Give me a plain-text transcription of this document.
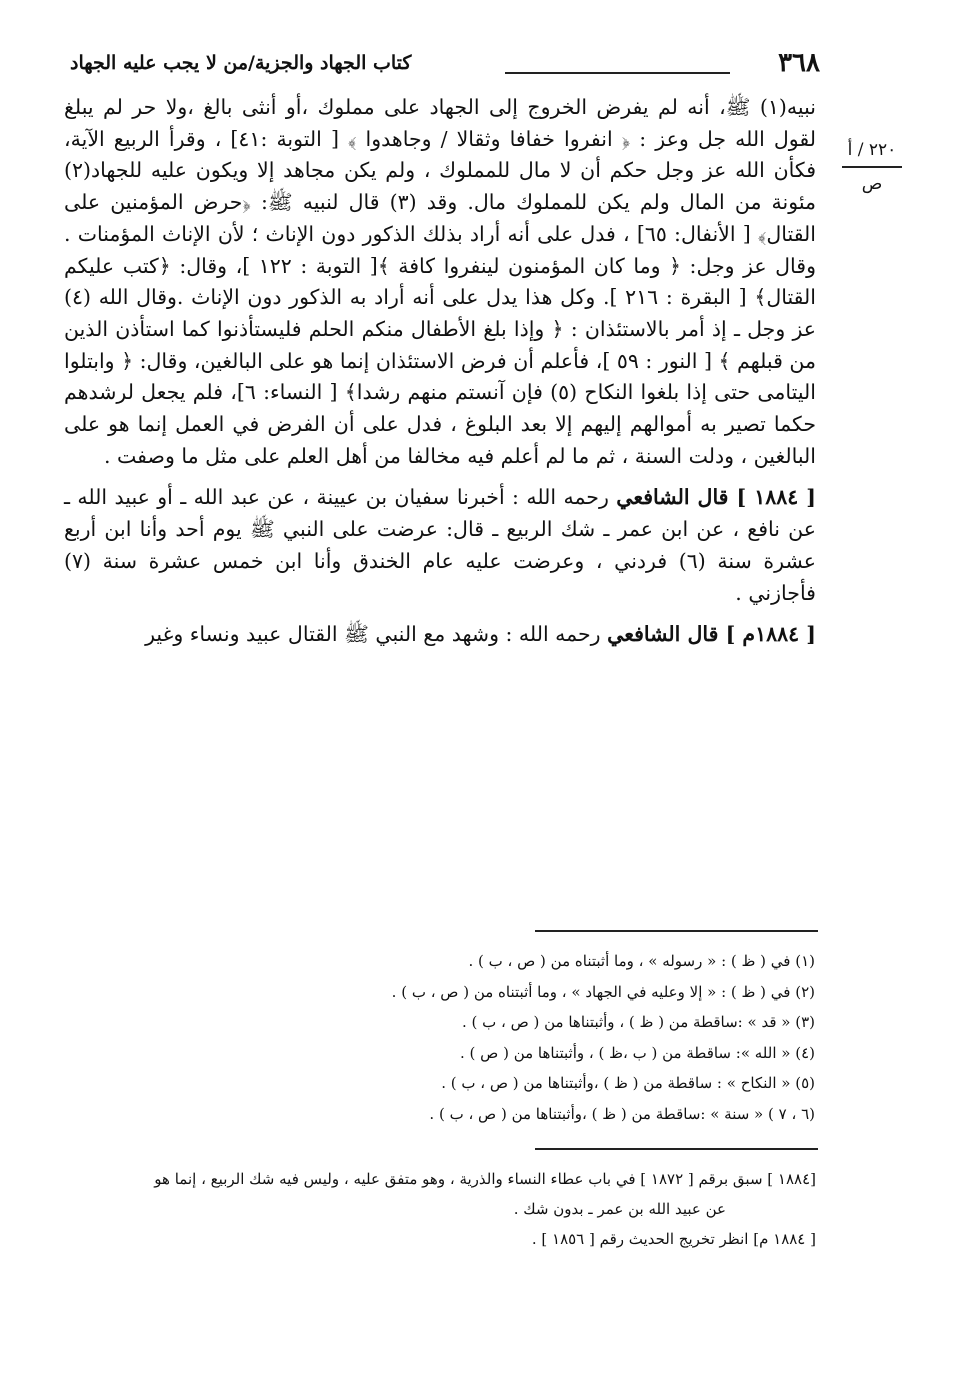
٣٦٨
كتاب الجهاد والجزية/من لا يجب عليه الجهاد
٢٢٠ / أ
ص

نبيه(١) ﷺ، أنه لم يفرض الخروج إلى الجهاد على مملوك ،أو أنثى بالغ ،ولا حر لم يبلغ لقول الله جل وعز : ﴿ انفروا خفافا وثقالا / وجاهدوا ﴾ [ التوبة :٤١] ، وقرأ الربيع الآية، فكأن الله عز وجل حكم أن لا مال للمملوك ، ولم يكن مجاهد إلا ويكون عليه للجهاد(٢) مئونة من المال ولم يكن للمملوك مال. وقد (٣) قال لنبيه ﷺ: ﴿حرض المؤمنين على القتال﴾ [ الأنفال: ٦٥] ، فدل على أنه أراد بذلك الذكور دون الإناث ؛ لأن الإناث المؤمنات . وقال عز وجل: ﴿ وما كان المؤمنون لينفروا كافة ﴾[ التوبة : ١٢٢ ]، وقال: ﴿كتب عليكم القتال﴾ [ البقرة : ٢١٦ ]. وكل هذا يدل على أنه أراد به الذكور دون الإناث .وقال الله (٤) عز وجل ـ إذ أمر بالاستئذان : ﴿ وإذا بلغ الأطفال منكم الحلم فليستأذنوا كما استأذن الذين من قبلهم ﴾ [ النور : ٥٩ ]، فأعلم أن فرض الاستئذان إنما هو على البالغين، وقال: ﴿ وابتلوا اليتامى حتى إذا بلغوا النكاح (٥) فإن آنستم منهم رشدا﴾ [ النساء: ٦]، فلم يجعل لرشدهم حكما تصير به أموالهم إليهم إلا بعد البلوغ ، فدل على أن الفرض في العمل إنما هو على البالغين ، ودلت السنة ، ثم ما لم أعلم فيه مخالفا من أهل العلم على مثل ما وصفت .

[ ١٨٨٤ ] قال الشافعي رحمه الله : أخبرنا سفيان بن عيينة ، عن عبد الله ـ أو عبيد الله ـ عن نافع ، عن ابن عمر ـ شك الربيع ـ قال: عرضت على النبي ﷺ يوم أحد وأنا ابن أربع عشرة سنة (٦) فردني ، وعرضت عليه عام الخندق وأنا ابن خمس عشرة سنة (٧) فأجازني .

[ ١٨٨٤م ] قال الشافعي رحمه الله : وشهد مع النبي ﷺ القتال عبيد ونساء وغير

(١) في ( ظ ) : « رسوله » ، وما أثبتناه من ( ص ، ب ) .
(٢) في ( ظ ) : « إلا وعليه في الجهاد » ، وما أثبتناه من ( ص ، ب ) .
(٣) « قد » :ساقطة من ( ظ ) ، وأثبتناها من ( ص ، ب ) .
(٤) « الله »: ساقطة من ( ب ،ظ ) ، وأثبتناها من ( ص ) .
(٥) « النكاح » : ساقطة من ( ظ ) ،وأثبتناها من ( ص ، ب ) .
(٦ ، ٧ ) « سنة » :ساقطة من ( ظ ) ،وأثبتناها من ( ص ، ب ) .
[١٨٨٤ ] سبق برقم [ ١٨٧٢ ] في باب عطاء النساء والذرية ، وهو متفق عليه ، وليس فيه شك الربيع ، إنما هو
عن عبيد الله بن عمر ـ بدون شك .
[ ١٨٨٤ م] انظر تخريج الحديث رقم [ ١٨٥٦ ] .
